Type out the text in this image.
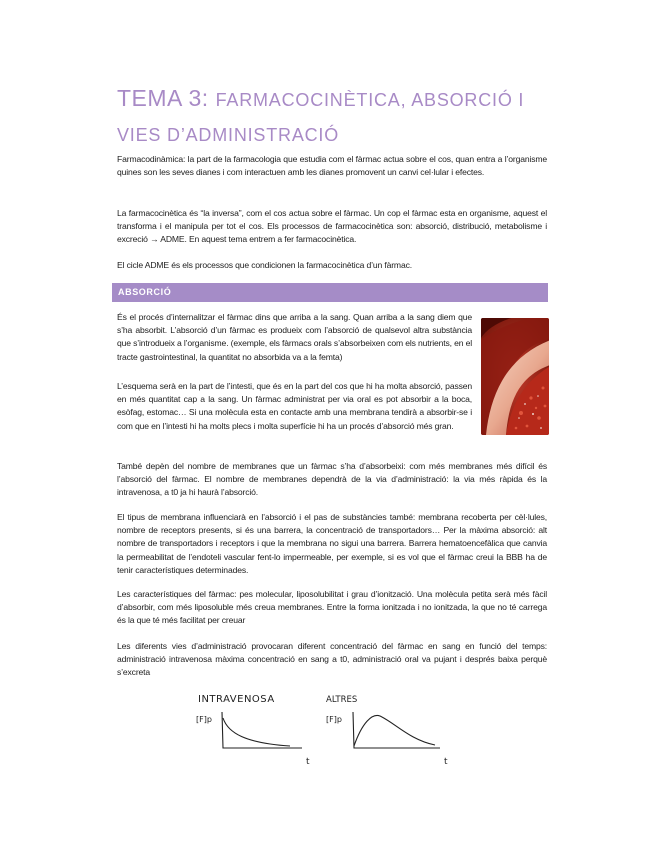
TEMA 3: FARMACOCINÈTICA, ABSORCIÓ I
VIES D’ADMINISTRACIÓ

Farmacodinàmica: la part de la farmacologia que estudia com el fàrmac actua sobre el cos, quan entra a l’organisme quines son les seves dianes i com interactuen amb les dianes promovent un canvi cel·lular i efectes.

La farmacocinètica és “la inversa”, com el cos actua sobre el fàrmac. Un cop el fàrmac esta en organisme, aquest el transforma i el manipula per tot el cos. Els processos de farmacocinètica son: absorció, distribució, metabolisme i excreció → ADME. En aquest tema entrem a fer farmacocinètica.

El cicle ADME és els processos que condicionen la farmacocinètica d’un fàrmac.

ABSORCIÓ

És el procés d’internalitzar el fàrmac dins que arriba a la sang. Quan arriba a la sang diem que s’ha absorbit. L’absorció d’un fàrmac es produeix com l’absorció de qualsevol altra substància que s’introdueix a l’organisme. (exemple, els fàrmacs orals s’absorbeixen com els nutrients, en el tracte gastrointestinal, la quantitat no absorbida va a la femta)

L’esquema serà en la part de l’intesti, que és en la part del cos que hi ha molta absorció, passen en més quantitat cap a la sang. Un fàrmac administrat per via oral es pot absorbir a la boca, esòfag, estomac… Si una molècula esta en contacte amb una membrana tendirà a absorbir-se i com que en l’intesti hi ha molts plecs i molta superfície hi ha un procés d’absorció més gran.

També depèn del nombre de membranes que un fàrmac s’ha d’absorbeixi: com més membranes més difícil és l’absorció del fàrmac. El nombre de membranes dependrà de la via d’administració: la via més ràpida és la intravenosa, a t0 ja hi haurà l’absorció.

El tipus de membrana influenciarà en l’absorció i el pas de substàncies també: membrana recoberta per cèl·lules, nombre de receptors presents, si és una barrera, la concentració de transportadors… Per la màxima absorció: alt nombre de transportadors i receptors i que la membrana no sigui una barrera. Barrera hematoencefàlica que canvia la permeabilitat de l’endoteli vascular fent-lo impermeable, per exemple, si es vol que el fàrmac creui la BBB ha de tenir característiques determinades.

Les característiques del fàrmac: pes molecular, liposolubilitat i grau d’ionització. Una molècula petita serà més fàcil d’absorbir, com més liposoluble més creua membranes. Entre la forma ionitzada i no ionitzada, la que no té carrega és la que té més facilitat per creuar

Les diferents vies d’administració provocaran diferent concentració del fàrmac en sang en funció del temps: administració intravenosa màxima concentració en sang a t0, administració oral va pujant i després baixa perquè s’excreta

INTRAVENOSA
[F]p
t
ALTRES
[F]p
t
